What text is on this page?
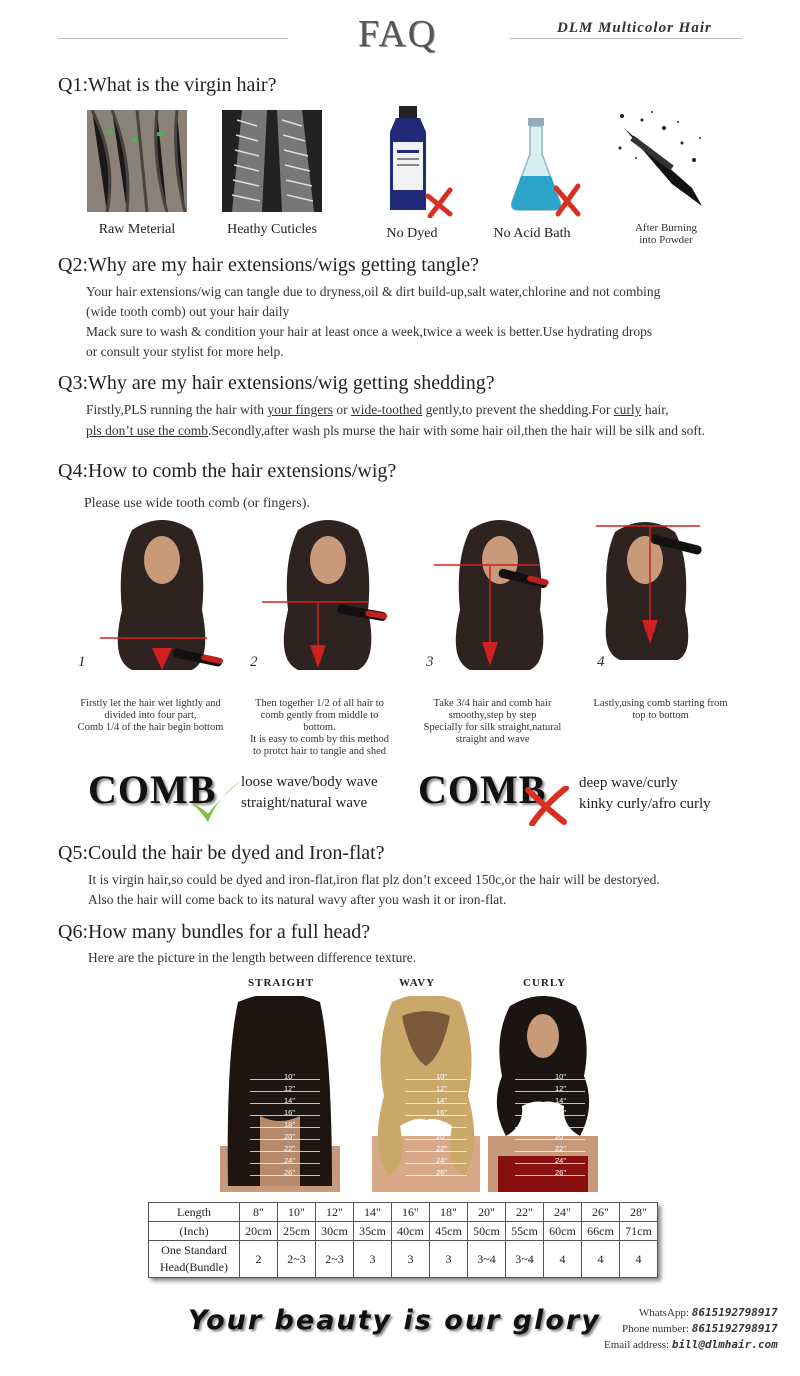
FAQ	DLM Multicolor Hair
Q1:What is the virgin hair?
Raw Meterial	Heathy Cuticles	No Dyed	No Acid Bath	After Burning
into Powder
Q2:Why are my hair extensions/wigs getting tangle?
Your hair extensions/wig can tangle due to dryness,oil & dirt build-up,salt water,chlorine and not combing
(wide tooth comb) out your hair daily
Mack sure to wash & condition your hair at least once a week,twice a week is better.Use hydrating drops
or consult your stylist for more help.
Q3:Why are my hair extensions/wig getting shedding?
Firstly,PLS running the hair with your fingers or wide-toothed gently,to prevent the shedding.For curly hair,
pls don’t use the comb.Secondly,after wash pls murse the hair with some hair oil,then the hair will be silk and soft.
Q4:How to comb the hair extensions/wig?
Please use wide tooth comb (or fingers).
1	2	3	4
Firstly let the hair wet lightly and
divided into four part,
Comb 1/4 of the hair begin bottom
Then together 1/2 of all hair to
comb gently from middle to
bottom.
It is easy to comb by this method
to protct hair to tangle and shed
Take 3/4 hair and comb hair
smoothy,step by step
Specially for silk straight,natural
straight and wave
Lastly,using comb starting from
top to bottom
COMB loose wave/body wave
straight/natural wave COMB deep wave/curly
kinky curly/afro curly
Q5:Could the hair be dyed and Iron-flat?
It is virgin hair,so could be dyed and iron-flat,iron flat plz don’t exceed 150c,or the hair will be destoryed.
Also the hair will come back to its natural wavy after you wash it or iron-flat.
Q6:How many bundles for a full head?
Here are the picture in the length between difference texture.
STRAIGHT	WAVY	CURLY
10"
12"
14"
16"
18"
20"
22"
24"
26"
10"
12"
14"
16"
18"
20"
22"
24"
26"
10"
12"
14"
16"
18"
20"
22"
24"
26"
Length	8"	10"	12"	14"	16"	18"	20"	22"	24"	26"	28"
(Inch)	20cm	25cm	30cm	35cm	40cm	45cm	50cm	55cm	60cm	66cm	71cm

One Standard
Head(Bundle)	2	2~3	2~3	3	3	3	3~4	3~4	4	4	4
Your beauty is our glory	WhatsApp: 8615192798917
Phone number: 8615192798917
Email address: bill@dlmhair.com
